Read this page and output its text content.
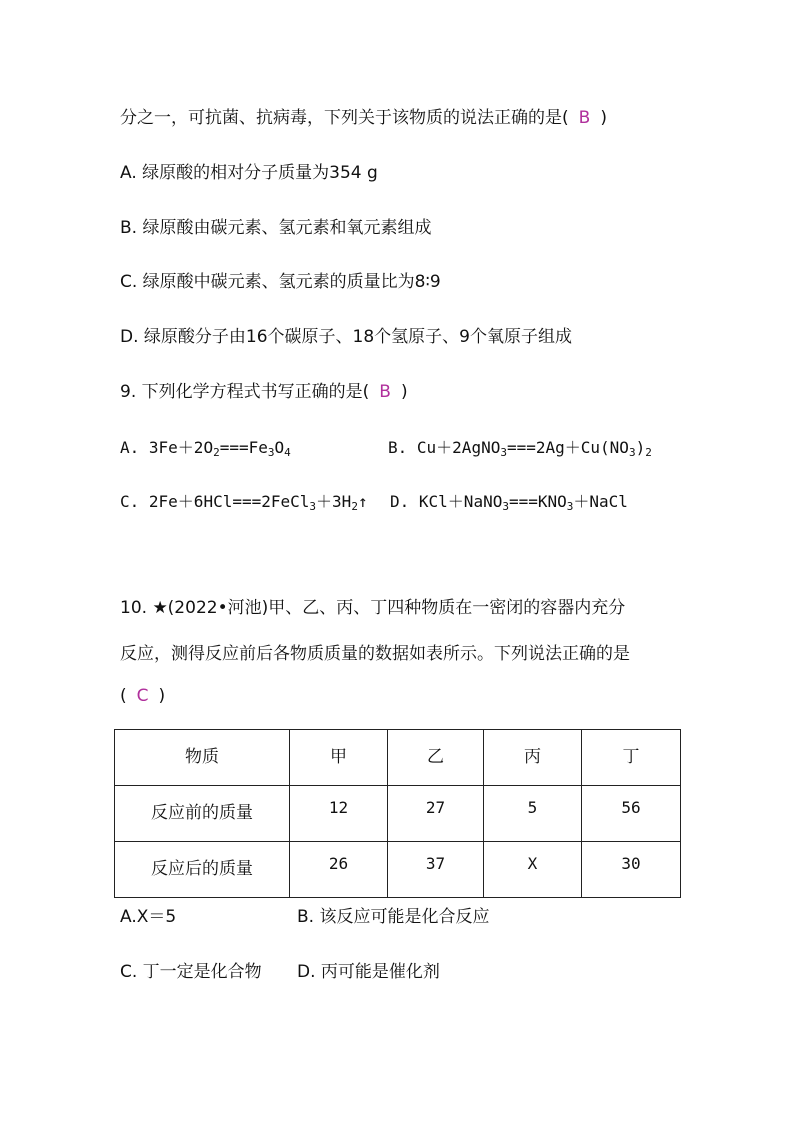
分之一，可抗菌、抗病毒，下列关于该物质的说法正确的是( B )
A. 绿原酸的相对分子质量为354 g
B. 绿原酸由碳元素、氢元素和氧元素组成
C. 绿原酸中碳元素、氢元素的质量比为8∶9
D. 绿原酸分子由16个碳原子、18个氢原子、9个氧原子组成
9. 下列化学方程式书写正确的是( B )
A. $3Fe+2O_2===Fe_3O_4$	B. $Cu+2AgNO_3===2Ag+Cu(NO_3)_2$
C. $2Fe+6HCl===2FeCl_3+3H_2↑$ D. $KCl+NaNO_3===KNO_3+NaCl$
10. ★(2022•河池)甲、乙、丙、丁四种物质在一密闭的容器内充分
反应，测得反应前后各物质质量的数据如表所示。下列说法正确的是
( C )
物质	甲	乙	丙	丁
反应前的质量	12	27	5	56
反应后的质量	26	37	X	30
A.X＝5	B. 该反应可能是化合反应
C. 丁一定是化合物 D. 丙可能是催化剂
